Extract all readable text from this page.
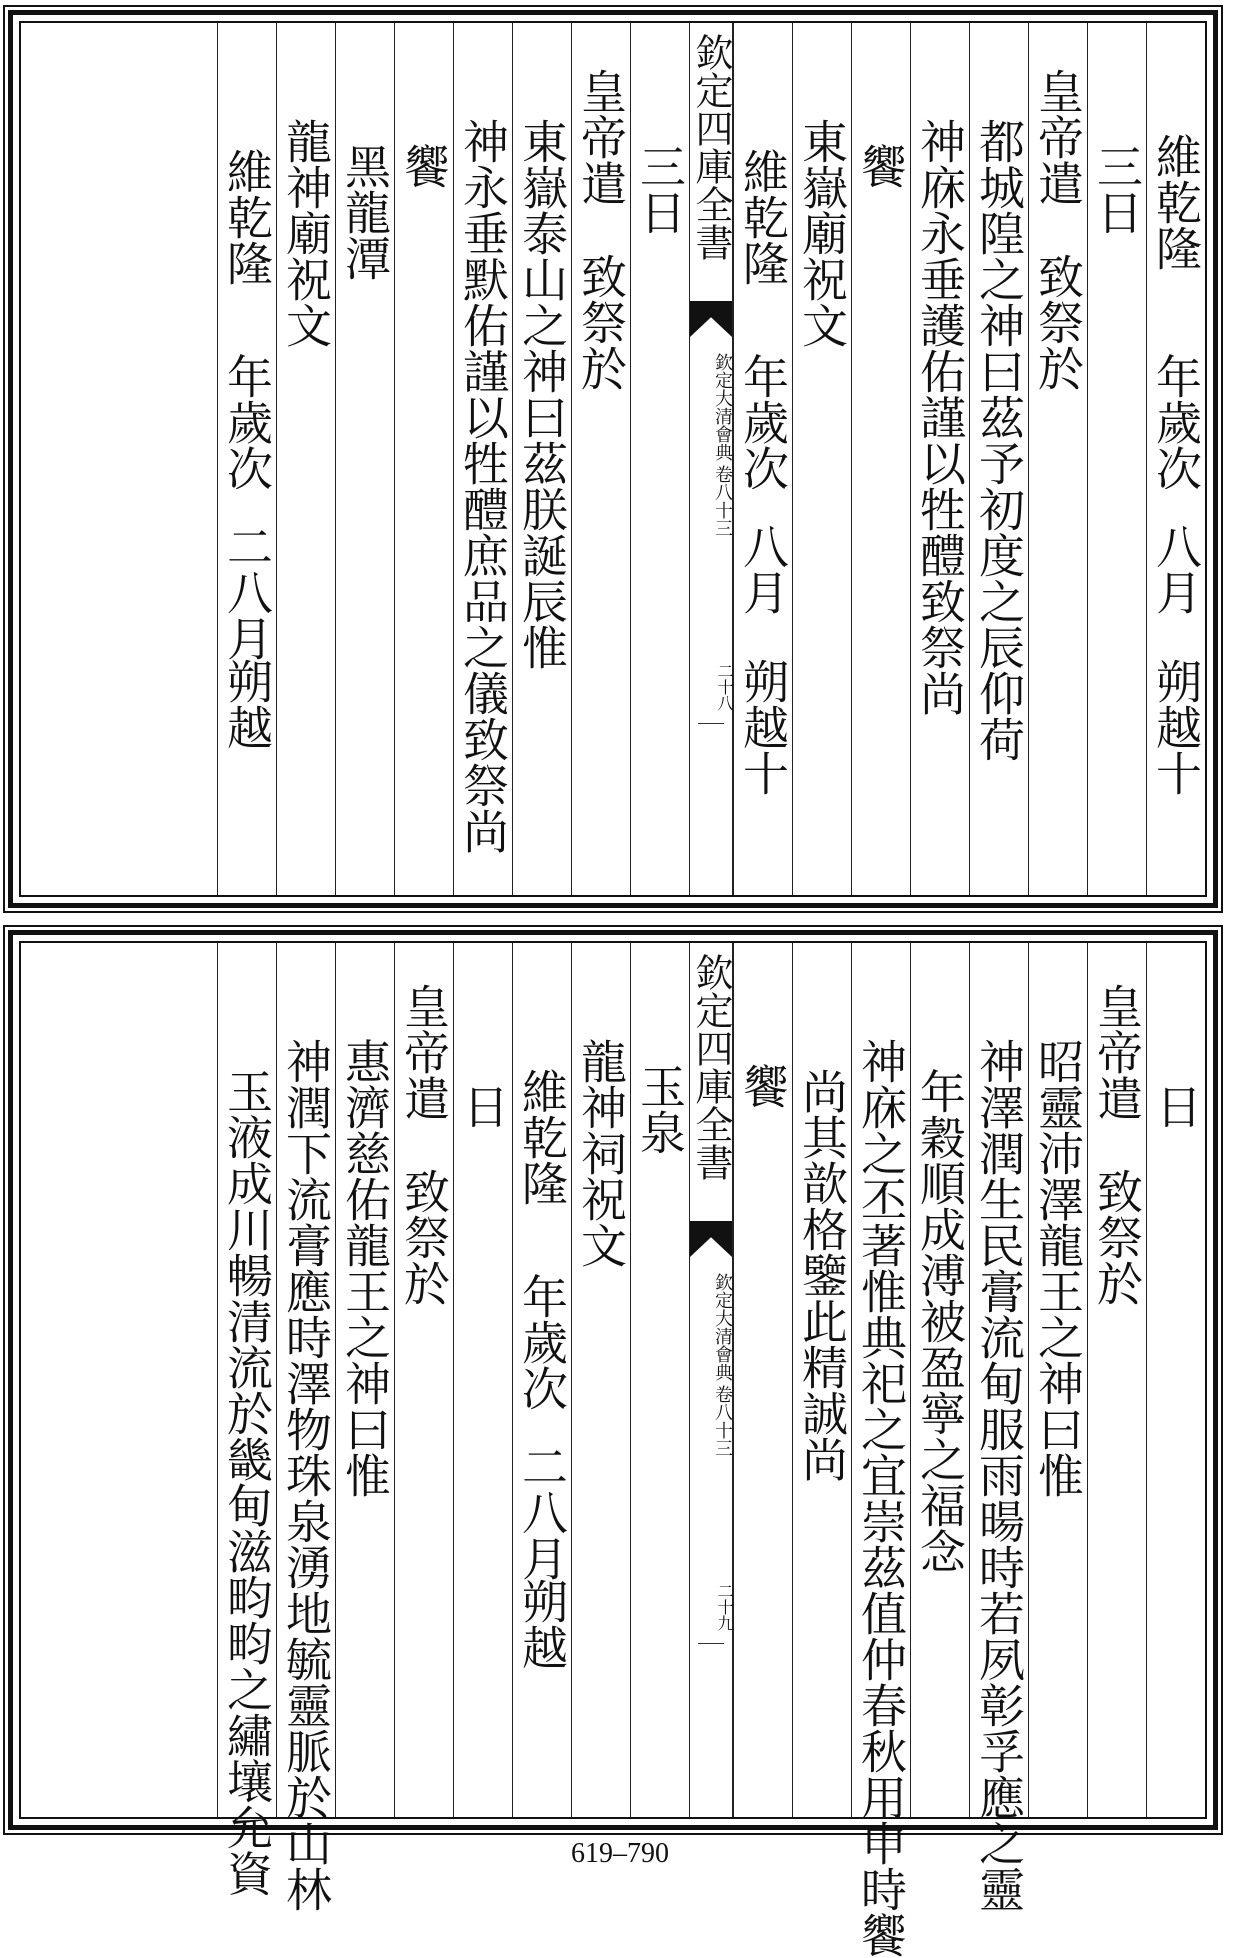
維乾隆
年歲次
八月
朔越十
三日
皇帝遣
致祭於
都城隍之神曰茲予初度之辰仰荷
神庥永垂護佑謹以牲醴致祭尚
饗
東嶽廟祝文
維乾隆
年歲次
八月
朔越十
欽定四庫全書
欽定大清會典
卷八十三
二十八
三日
皇帝遣
致祭於
東嶽泰山之神曰茲朕誕辰惟
神永垂默佑謹以牲醴庶品之儀致祭尚
饗
黑龍潭
龍神廟祝文
維乾隆
年歲次
二八月
朔越
日
皇帝遣
致祭於
昭靈沛澤龍王之神曰惟
神澤潤生民膏流甸服雨暘時若夙彰孚應之靈
年穀順成溥被盈寧之福念
神庥之丕著惟典祀之宜崇茲值仲春秋用申時饗
尚其歆格鑒此精誠尚
饗
欽定四庫全書
欽定大清會典
卷八十三
二十九
玉泉
龍神祠祝文
維乾隆
年歲次
二八月
朔越
日
皇帝遣
致祭於
惠濟慈佑龍王之神曰惟
神潤下流膏應時澤物珠泉湧地毓靈脈於山林
玉液成川暢清流於畿甸滋畇畇之繡壤允資	619–790
